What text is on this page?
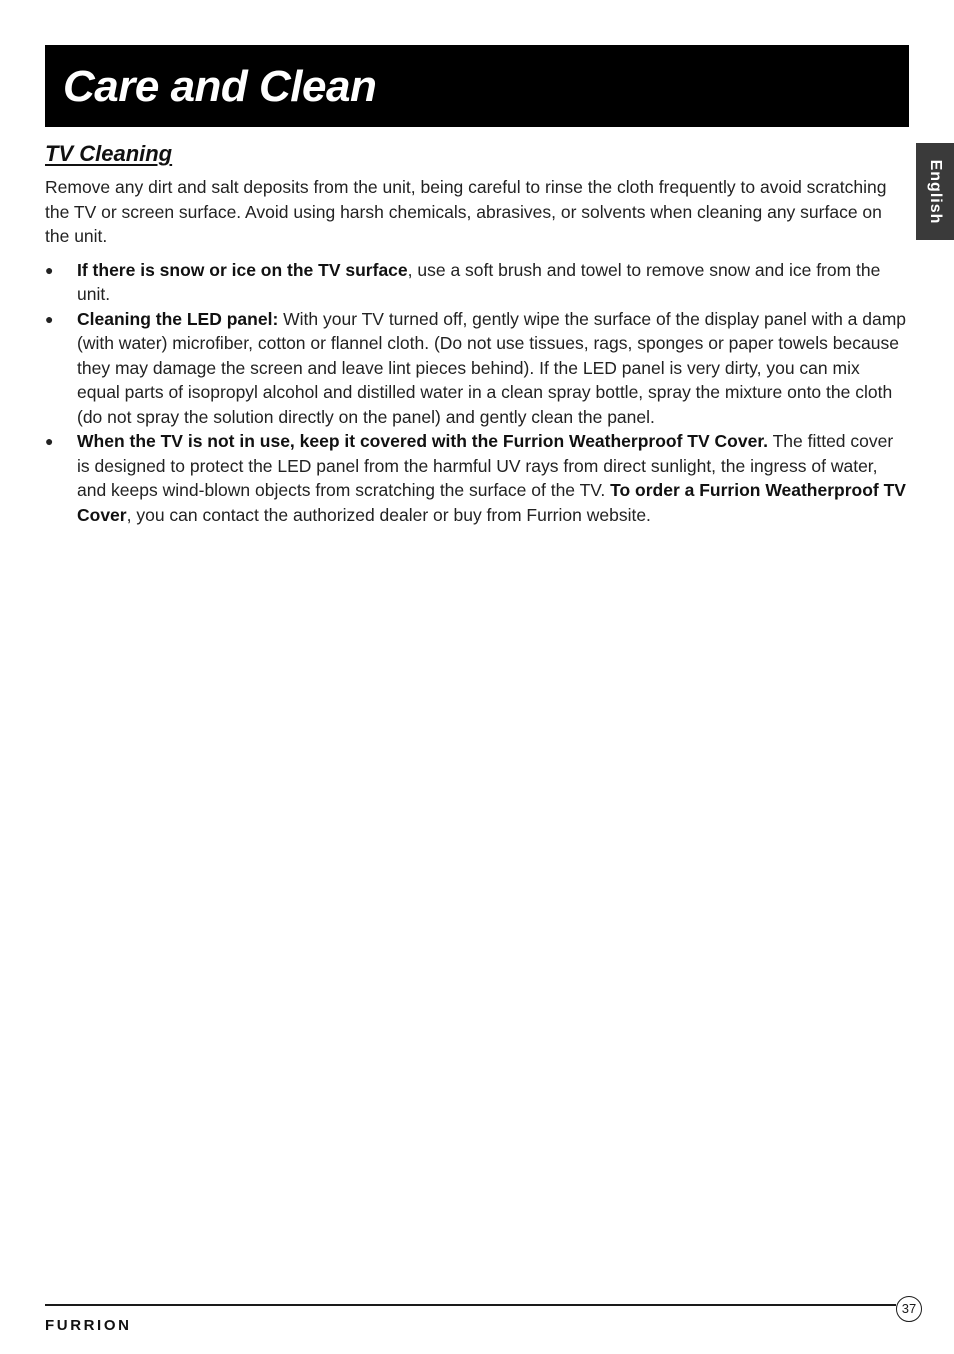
Care and Clean
English
TV Cleaning

Remove any dirt and salt deposits from the unit, being careful to rinse the cloth frequently to avoid scratching the TV or screen surface. Avoid using harsh chemicals, abrasives, or solvents when cleaning any surface on the unit.

●	If there is snow or ice on the TV surface, use a soft brush and towel to remove snow and ice from the unit.
●	Cleaning the LED panel: With your TV turned off, gently wipe the surface of the display panel with a damp (with water) microfiber, cotton or flannel cloth. (Do not use tissues, rags, sponges or paper towels because they may damage the screen and leave lint pieces behind). If the LED panel is very dirty, you can mix equal parts of isopropyl alcohol and distilled water in a clean spray bottle, spray the mixture onto the cloth (do not spray the solution directly on the panel) and gently clean the panel.
●	When the TV is not in use, keep it covered with the Furrion Weatherproof TV Cover. The fitted cover is designed to protect the LED panel from the harmful UV rays from direct sunlight, the ingress of water, and keeps wind-blown objects from scratching the surface of the TV. To order a Furrion Weatherproof TV Cover, you can contact the authorized dealer or buy from Furrion website.
37
FURRION
